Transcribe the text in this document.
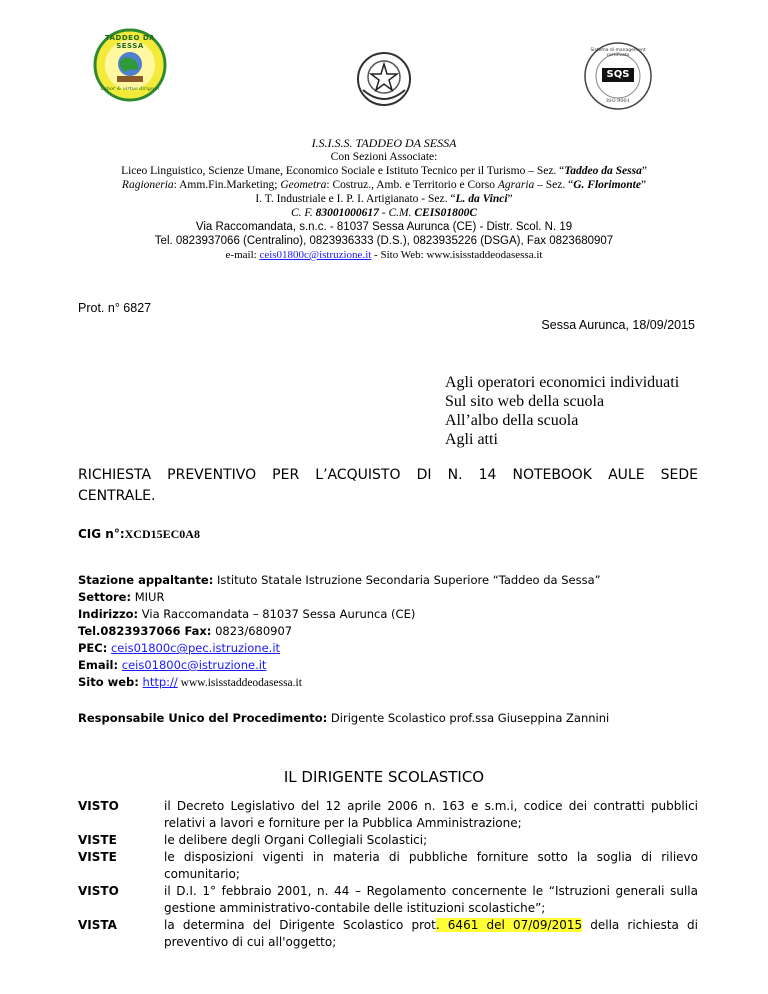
TADDEO DA SESSA
Labor & virtus dirigunt
Sistema di management certificato
SQS
ISO 9001
I.S.I.S.S. TADDEO DA SESSA
Con Sezioni Associate:
Liceo Linguistico, Scienze Umane, Economico Sociale e Istituto Tecnico per il Turismo – Sez. “Taddeo da Sessa”
Ragioneria: Amm.Fin.Marketing; Geometra: Costruz., Amb. e Territorio e Corso Agraria – Sez. “G. Florimonte”
I. T. Industriale e I. P. I. Artigianato - Sez. “L. da Vinci”
C. F. 83001000617 - C.M. CEIS01800C
Via Raccomandata, s.n.c. - 81037 Sessa Aurunca (CE) - Distr. Scol. N. 19
Tel. 0823937066 (Centralino), 0823936333 (D.S.), 0823935226 (DSGA), Fax 0823680907
e-mail: ceis01800c@istruzione.it - Sito Web: www.isisstaddeodasessa.it
Prot. n° 6827
Sessa Aurunca, 18/09/2015
Agli operatori economici individuati
Sul sito web della scuola
All’albo della scuola
Agli atti
RICHIESTA PREVENTIVO PER L’ACQUISTO DI N. 14 NOTEBOOK AULE SEDE
CENTRALE.
CIG n°:XCD15EC0A8
Stazione appaltante: Istituto Statale Istruzione Secondaria Superiore “Taddeo da Sessa”
Settore: MIUR
Indirizzo: Via Raccomandata – 81037 Sessa Aurunca (CE)
Tel.0823937066 Fax: 0823/680907
PEC: ceis01800c@pec.istruzione.it
Email: ceis01800c@istruzione.it
Sito web: http:// www.isisstaddeodasessa.it
Responsabile Unico del Procedimento: Dirigente Scolastico prof.ssa Giuseppina Zannini
IL DIRIGENTE SCOLASTICO
VISTO	il Decreto Legislativo del 12 aprile 2006 n. 163 e s.m.i, codice dei contratti pubblici relativi a lavori e forniture per la Pubblica Amministrazione;
VISTE	le delibere degli Organi Collegiali Scolastici;
VISTE	le disposizioni vigenti in materia di pubbliche forniture sotto la soglia di rilievo comunitario;
VISTO	il D.I. 1° febbraio 2001, n. 44 – Regolamento concernente le “Istruzioni generali sulla gestione amministrativo-contabile delle istituzioni scolastiche”;
VISTA	la determina del Dirigente Scolastico prot. 6461 del 07/09/2015 della richiesta di preventivo di cui all'oggetto;
